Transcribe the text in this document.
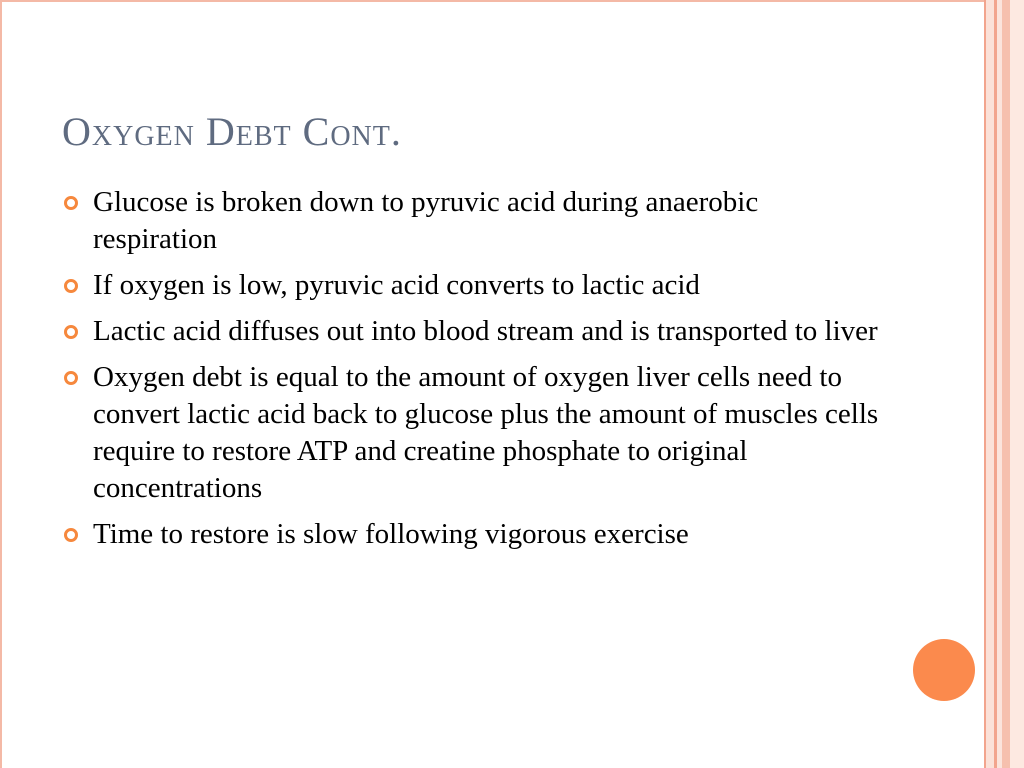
Oxygen Debt Cont.
Glucose is broken down to pyruvic acid during anaerobic respiration
If oxygen is low, pyruvic acid converts to lactic acid
Lactic acid diffuses out into blood stream and is transported to liver
Oxygen debt is equal to the amount of oxygen liver cells need to convert lactic acid back to glucose plus the amount of muscles cells require to restore ATP and creatine phosphate to original concentrations
Time to restore is slow following vigorous exercise
